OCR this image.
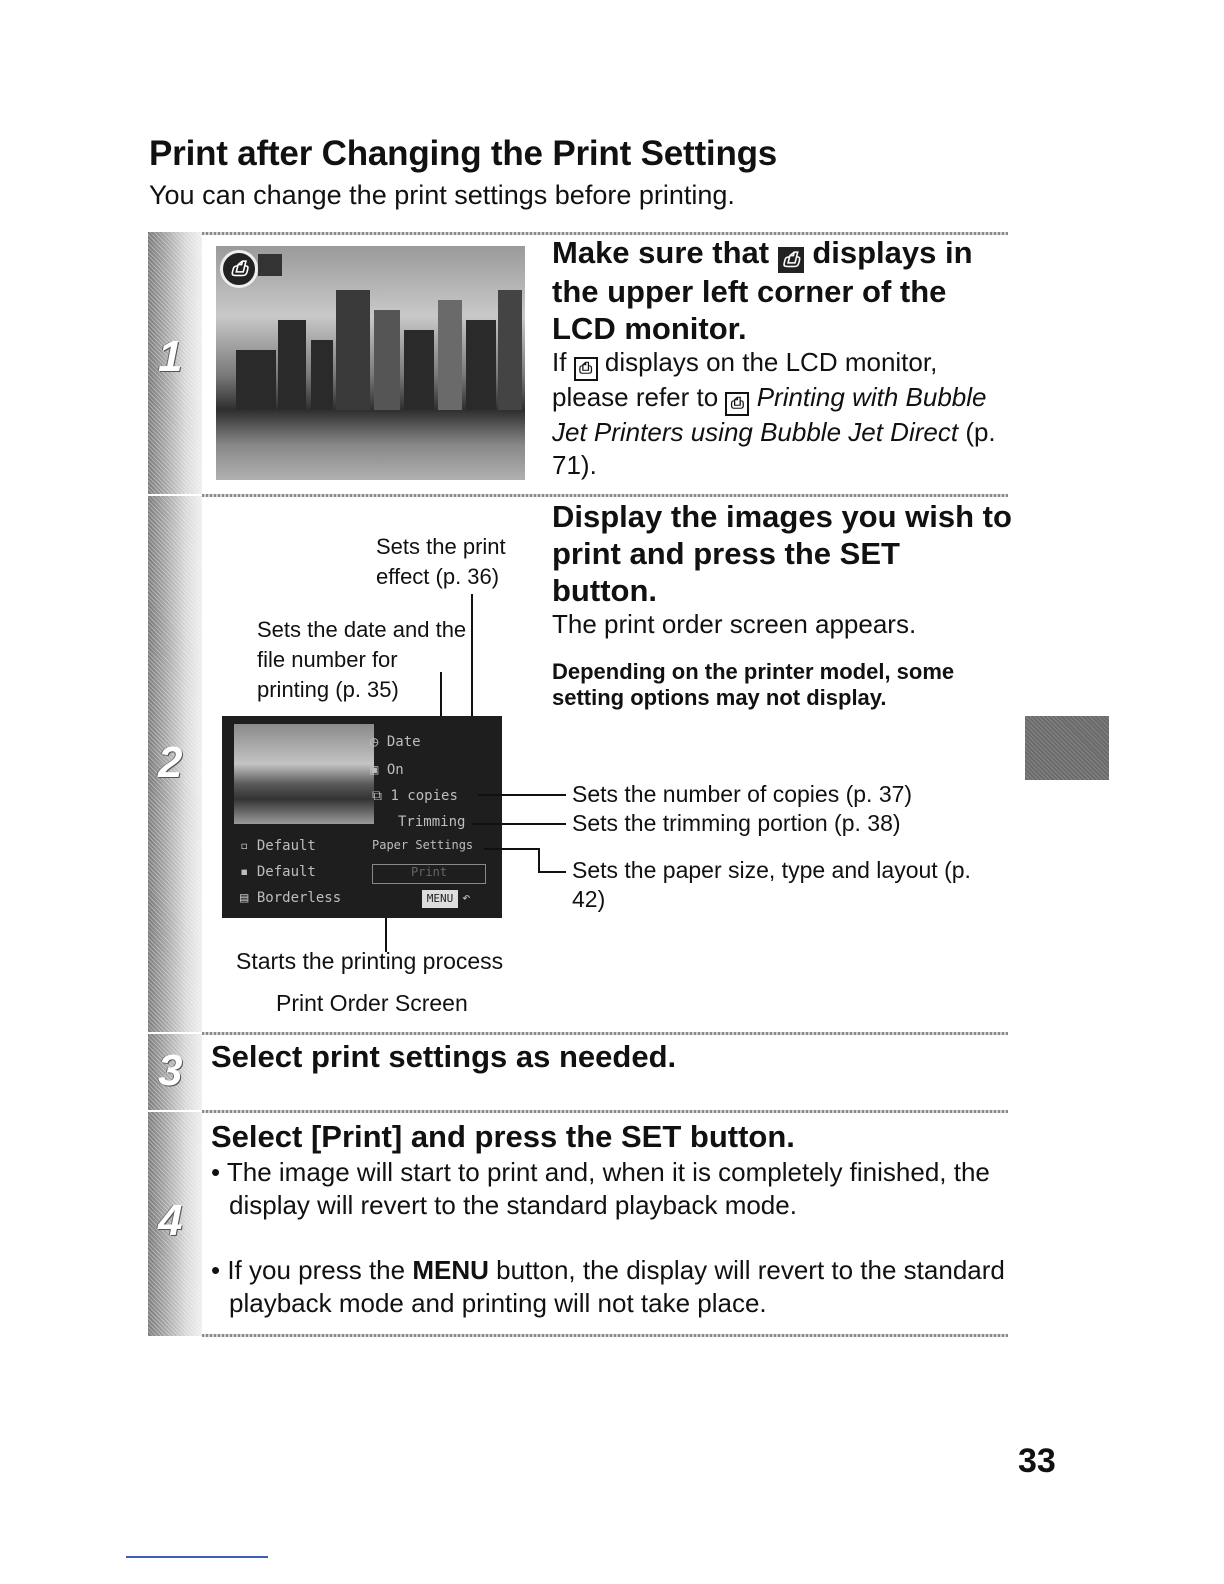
Print after Changing the Print Settings
You can change the print settings before printing.
1
2
3
4
⎙	Make sure that ⎙ displays in the upper left corner of the LCD monitor.
If ⎙ displays on the LCD monitor, please refer to ⎙ Printing with Bubble Jet Printers using Bubble Jet Direct (p. 71).
Sets the print effect (p. 36)
Sets the date and the file number for printing (p. 35)
◷ Date
▣ On
⧉ 1 copies
Trimming
Paper Settings
▫ Default
▪ Default
▤ Borderless
Print
MENU ↶
Display the images you wish to print and press the SET button.
The print order screen appears.
Depending on the printer model, some setting options may not display.
Sets the number of copies (p. 37)
Sets the trimming portion (p. 38)
Sets the paper size, type and layout (p. 42)
Starts the printing process
Print Order Screen
Select print settings as needed.
Select [Print] and press the SET button.
• The image will start to print and, when it is completely finished, the display will revert to the standard playback mode.
• If you press the MENU button, the display will revert to the standard playback mode and printing will not take place.
33
